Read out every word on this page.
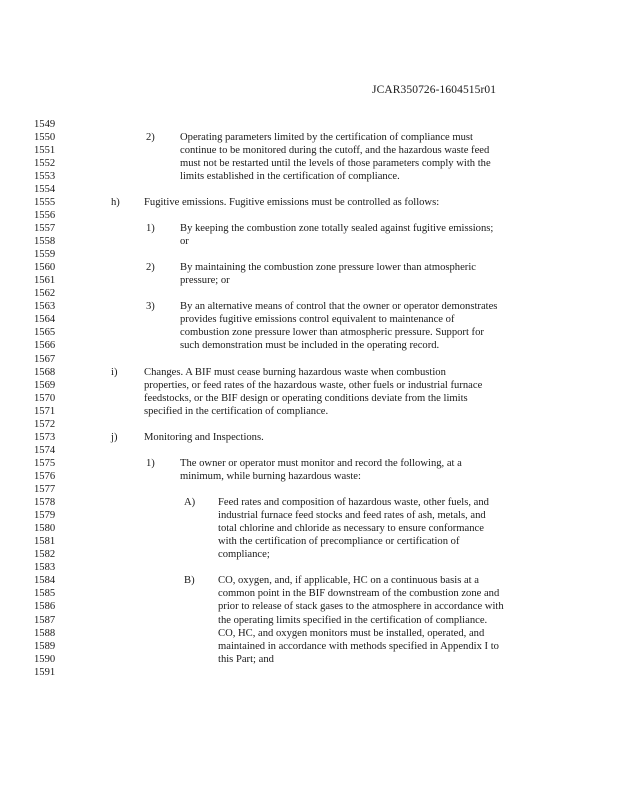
JCAR350726-1604515r01
1549
1550
1551
1552
1553
1554
1555
1556
1557
1558
1559
1560
1561
1562
1563
1564
1565
1566
1567
1568
1569
1570
1571
1572
1573
1574
1575
1576
1577
1578
1579
1580
1581
1582
1583
1584
1585
1586
1587
1588
1589
1590
1591
2) Operating parameters limited by the certification of compliance must
continue to be monitored during the cutoff, and the hazardous waste feed
must not be restarted until the levels of those parameters comply with the
limits established in the certification of compliance.
h) Fugitive emissions. Fugitive emissions must be controlled as follows:
1) By keeping the combustion zone totally sealed against fugitive emissions;
or
2) By maintaining the combustion zone pressure lower than atmospheric
pressure; or
3) By an alternative means of control that the owner or operator demonstrates
provides fugitive emissions control equivalent to maintenance of
combustion zone pressure lower than atmospheric pressure. Support for
such demonstration must be included in the operating record.
i)	Changes. A BIF must cease burning hazardous waste when combustion
properties, or feed rates of the hazardous waste, other fuels or industrial furnace
feedstocks, or the BIF design or operating conditions deviate from the limits
specified in the certification of compliance.
j)	Monitoring and Inspections.
1) The owner or operator must monitor and record the following, at a
minimum, while burning hazardous waste:
A) Feed rates and composition of hazardous waste, other fuels, and
industrial furnace feed stocks and feed rates of ash, metals, and
total chlorine and chloride as necessary to ensure conformance
with the certification of precompliance or certification of
compliance;
B) CO, oxygen, and, if applicable, HC on a continuous basis at a
common point in the BIF downstream of the combustion zone and
prior to release of stack gases to the atmosphere in accordance with
the operating limits specified in the certification of compliance.
CO, HC, and oxygen monitors must be installed, operated, and
maintained in accordance with methods specified in Appendix I to
this Part; and
